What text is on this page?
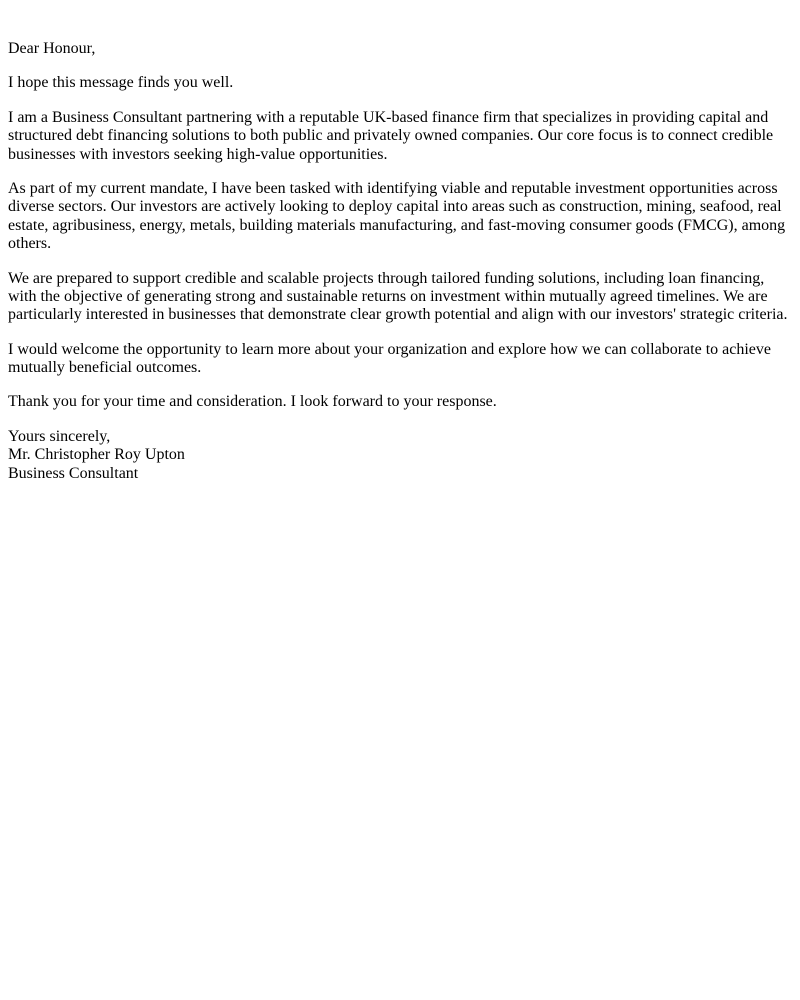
Dear Honour,

I hope this message finds you well.

I am a Business Consultant partnering with a reputable UK-based finance firm that specializes in providing capital and structured debt financing solutions to both public and privately owned companies. Our core focus is to connect credible businesses with investors seeking high-value opportunities.

As part of my current mandate, I have been tasked with identifying viable and reputable investment opportunities across diverse sectors. Our investors are actively looking to deploy capital into areas such as construction, mining, seafood, real estate, agribusiness, energy, metals, building materials manufacturing, and fast-moving consumer goods (FMCG), among others.

We are prepared to support credible and scalable projects through tailored funding solutions, including loan financing, with the objective of generating strong and sustainable returns on investment within mutually agreed timelines. We are particularly interested in businesses that demonstrate clear growth potential and align with our investors' strategic criteria.

I would welcome the opportunity to learn more about your organization and explore how we can collaborate to achieve mutually beneficial outcomes.

Thank you for your time and consideration. I look forward to your response.

Yours sincerely,
Mr. Christopher Roy Upton
Business Consultant
